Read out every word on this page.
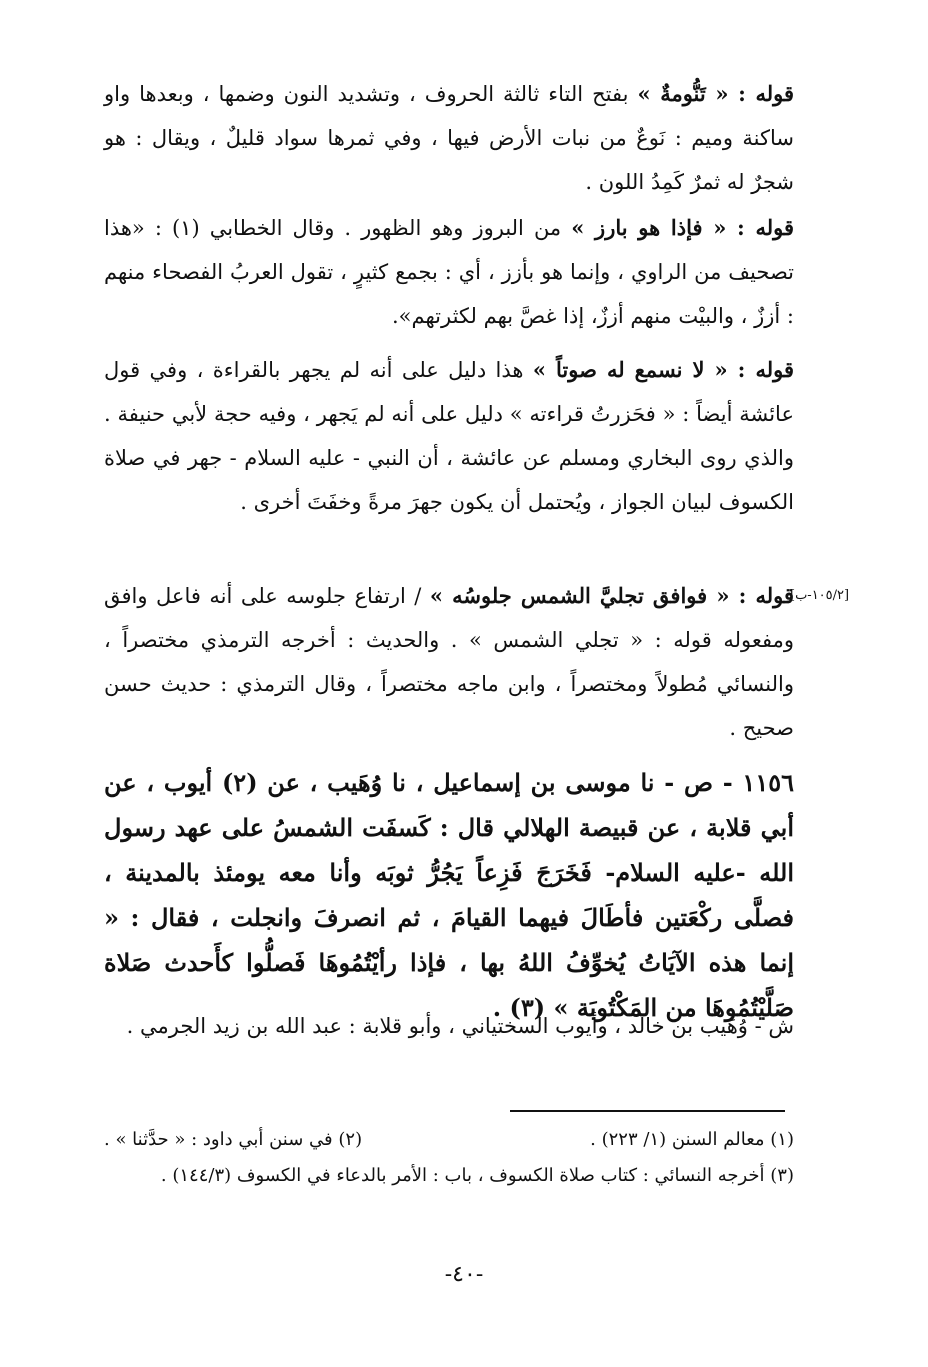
قوله : « تَنُّومةٌ » بفتح التاء ثالثة الحروف ، وتشديد النون وضمها ، وبعدها واو ساكنة وميم : نَوعٌ من نبات الأرض فيها ، وفي ثمرها سواد قليلٌ ، ويقال : هو شجرٌ له ثمرٌ كَمِدُ اللون .

قوله : « فإذا هو بارز » من البروز وهو الظهور . وقال الخطابي (١) : «هذا تصحيف من الراوي ، وإنما هو بأزز ، أي : بجمع كثيرٍ ، تقول العربُ الفصحاء منهم : أززٌ ، والبيْت منهم أززٌ، إذا غصَّ بهم لكثرتهم».

قوله : « لا نسمع له صوتاً » هذا دليل على أنه لم يجهر بالقراءة ، وفي قول عائشة أيضاً : « فحَزرتُ قراءته » دليل على أنه لم يَجهر ، وفيه حجة لأبي حنيفة . والذي روى البخاري ومسلم عن عائشة ، أن النبي - عليه السلام - جهر في صلاة الكسوف لبيان الجواز ، ويُحتمل أن يكون جهرَ مرةً وخفَتَ أخرى .

[١٠٥/٢-ب]

قوله : « فوافق تجليَّ الشمس جلوسُه » / ارتفاع جلوسه على أنه فاعل وافق ومفعوله قوله : « تجلي الشمس » . والحديث : أخرجه الترمذي مختصراً ، والنسائي مُطولاً ومختصراً ، وابن ماجه مختصراً ، وقال الترمذي : حديث حسن صحيح .

١١٥٦ - ص - نا موسى بن إسماعيل ، نا وُهَيب ، عن (٢) أيوب ، عن أبي قلابة ، عن قبيصة الهلالي قال : كَسفَت الشمسُ على عهد رسول الله -عليه السلام- فَخَرَجَ فَزِعاً يَجُرُّ ثوبَه وأنا معه يومئذ بالمدينة ، فصلَّى ركْعَتين فأطَالَ فيهما القيامَ ، ثم انصرفَ وانجلت ، فقال : « إنما هذه الآيَاتُ يُخوِّفُ اللهُ بها ، فإذا رأيْتُمُوهَا فَصلُّوا كأَحدث صَلاة صَلَّيْتُمُوهَا من المَكْتُوبَة » (٣) .
ش - وُهَيب بن خالد ، وأيوب السختياني ، وأبو قلابة : عبد الله بن زيد الجرمي .
(١) معالم السنن (١/ ٢٢٣) .
(٢) في سنن أبي داود : « حدَّثنا » .
(٣) أخرجه النسائي : كتاب صلاة الكسوف ، باب : الأمر بالدعاء في الكسوف (١٤٤/٣) .
-٤٠-
